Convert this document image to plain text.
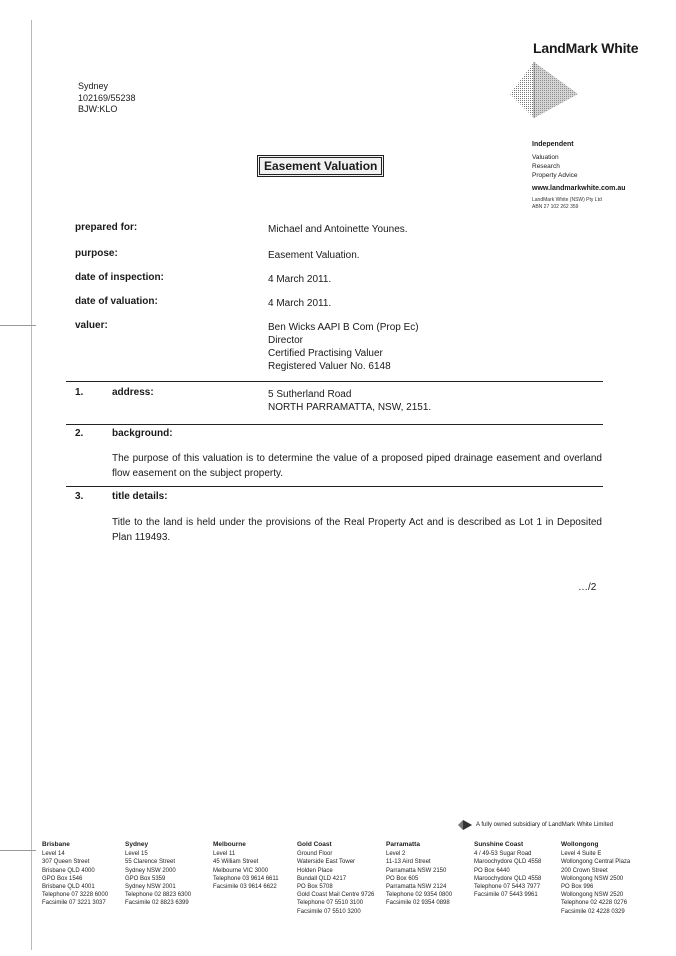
Sydney
102169/55238
BJW:KLO
LandMark White
Independent
Valuation
Research
Property Advice
www.landmarkwhite.com.au
LandMark White (NSW) Pty Ltd
ABN 27 102 262 359
Easement Valuation
prepared for:	Michael and Antoinette Younes.
purpose:	Easement Valuation.
date of inspection:	4 March 2011.
date of valuation:	4 March 2011.
valuer:	Ben Wicks AAPI B Com (Prop Ec)
Director
Certified Practising Valuer
Registered Valuer No. 6148
1.	address:	5 Sutherland Road
NORTH PARRAMATTA, NSW, 2151.
2.	background:
The purpose of this valuation is to determine the value of a proposed piped drainage easement and overland flow easement on the subject property.
3.	title details:
Title to the land is held under the provisions of the Real Property Act and is described as Lot 1 in Deposited Plan 119493.
…/2
A fully owned subsidiary of LandMark White Limited
Brisbane
Level 14
307 Queen Street
Brisbane QLD 4000
GPO Box 1546
Brisbane QLD 4001
Telephone 07 3228 6000
Facsimile 07 3221 3037
Sydney
Level 15
55 Clarence Street
Sydney NSW 2000
GPO Box 5359
Sydney NSW 2001
Telephone 02 8823 6300
Facsimile 02 8823 6399
Melbourne
Level 11
45 William Street
Melbourne VIC 3000
Telephone 03 9614 6611
Facsimile 03 9614 6622
Gold Coast
Ground Floor
Waterside East Tower
Holden Place
Bundall QLD 4217
PO Box 5708
Gold Coast Mail Centre 9726
Telephone 07 5510 3100
Facsimile 07 5510 3200
Parramatta
Level 2
11-13 Aird Street
Parramatta NSW 2150
PO Box 605
Parramatta NSW 2124
Telephone 02 9354 0800
Facsimile 02 9354 0898
Sunshine Coast
4 / 49-53 Sugar Road
Maroochydore QLD 4558
PO Box 6440
Maroochydore QLD 4558
Telephone 07 5443 7977
Facsimile 07 5443 9961
Wollongong
Level 4 Suite E
Wollongong Central Plaza
200 Crown Street
Wollongong NSW 2500
PO Box 996
Wollongong NSW 2520
Telephone 02 4228 0276
Facsimile 02 4228 0329
